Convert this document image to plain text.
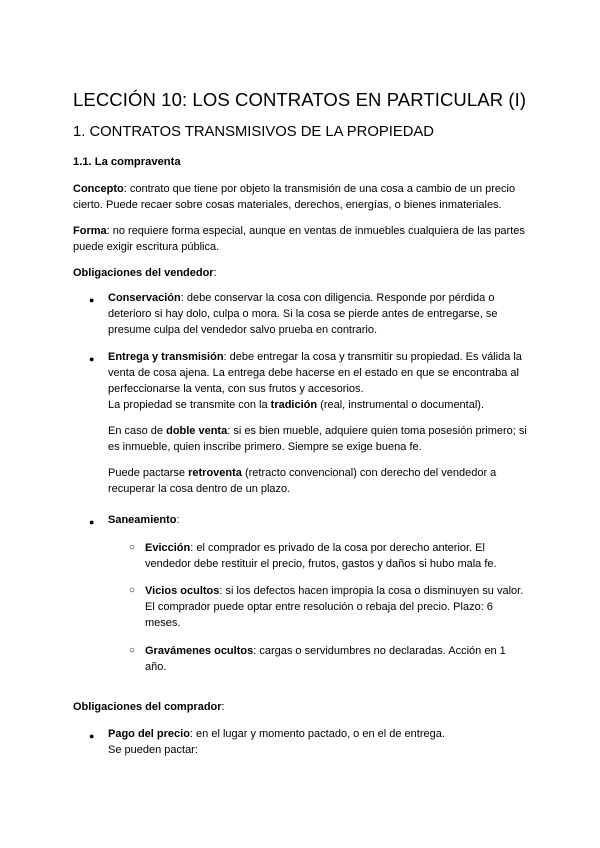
LECCIÓN 10: LOS CONTRATOS EN PARTICULAR (I)
1. CONTRATOS TRANSMISIVOS DE LA PROPIEDAD
1.1. La compraventa

Concepto: contrato que tiene por objeto la transmisión de una cosa a cambio de un precio cierto. Puede recaer sobre cosas materiales, derechos, energías, o bienes inmateriales.

Forma: no requiere forma especial, aunque en ventas de inmuebles cualquiera de las partes puede exigir escritura pública.

Obligaciones del vendedor:

● Conservación: debe conservar la cosa con diligencia. Responde por pérdida o deterioro si hay dolo, culpa o mora. Si la cosa se pierde antes de entregarse, se presume culpa del vendedor salvo prueba en contrario.

● Entrega y transmisión: debe entregar la cosa y transmitir su propiedad. Es válida la venta de cosa ajena. La entrega debe hacerse en el estado en que se encontraba al perfeccionarse la venta, con sus frutos y accesorios.

La propiedad se transmite con la tradición (real, instrumental o documental).

En caso de doble venta: si es bien mueble, adquiere quien toma posesión primero; si es inmueble, quien inscribe primero. Siempre se exige buena fe.

Puede pactarse retroventa (retracto convencional) con derecho del vendedor a recuperar la cosa dentro de un plazo.

● Saneamiento:

○ Evicción: el comprador es privado de la cosa por derecho anterior. El vendedor debe restituir el precio, frutos, gastos y daños si hubo mala fe.

○ Vicios ocultos: si los defectos hacen impropia la cosa o disminuyen su valor. El comprador puede optar entre resolución o rebaja del precio. Plazo: 6 meses.

○ Gravámenes ocultos: cargas o servidumbres no declaradas. Acción en 1 año.

Obligaciones del comprador:

● Pago del precio: en el lugar y momento pactado, o en el de entrega.

Se pueden pactar:
